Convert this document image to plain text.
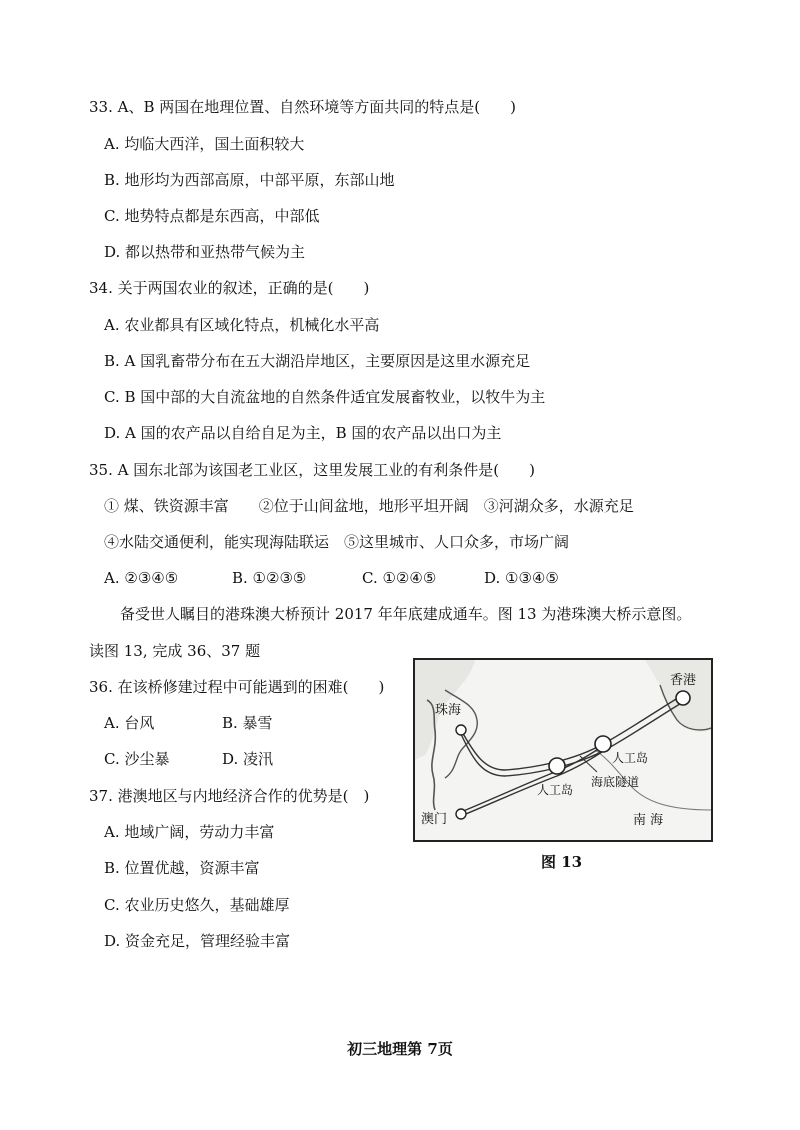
33. A、B 两国在地理位置、自然环境等方面共同的特点是(　　)
A. 均临大西洋，国土面积较大
B. 地形均为西部高原，中部平原，东部山地
C. 地势特点都是东西高，中部低
D. 都以热带和亚热带气候为主
34. 关于两国农业的叙述，正确的是(　　)
A. 农业都具有区域化特点，机械化水平高
B. A 国乳畜带分布在五大湖沿岸地区，主要原因是这里水源充足
C. B 国中部的大自流盆地的自然条件适宜发展畜牧业，以牧牛为主
D. A 国的农产品以自给自足为主，B 国的农产品以出口为主
35. A 国东北部为该国老工业区，这里发展工业的有利条件是(　　)
① 煤、铁资源丰富　　②位于山间盆地，地形平坦开阔　③河湖众多，水源充足
④水陆交通便利，能实现海陆联运　⑤这里城市、人口众多，市场广阔
A. ②③④⑤	B. ①②③⑤	C. ①②④⑤	D. ①③④⑤
备受世人瞩目的港珠澳大桥预计 2017 年年底建成通车。图 13 为港珠澳大桥示意图。
读图 13, 完成 36、37 题
36. 在该桥修建过程中可能遇到的困难(　　)
A. 台风	B. 暴雪
C. 沙尘暴	D. 凌汛
37. 港澳地区与内地经济合作的优势是(　)
A. 地域广阔，劳动力丰富
B. 位置优越，资源丰富
C. 农业历史悠久，基础雄厚
D. 资金充足，管理经验丰富
珠海
香港
澳门
人工岛
人工岛
海底隧道
南 海
图 13
初三地理第 7页
